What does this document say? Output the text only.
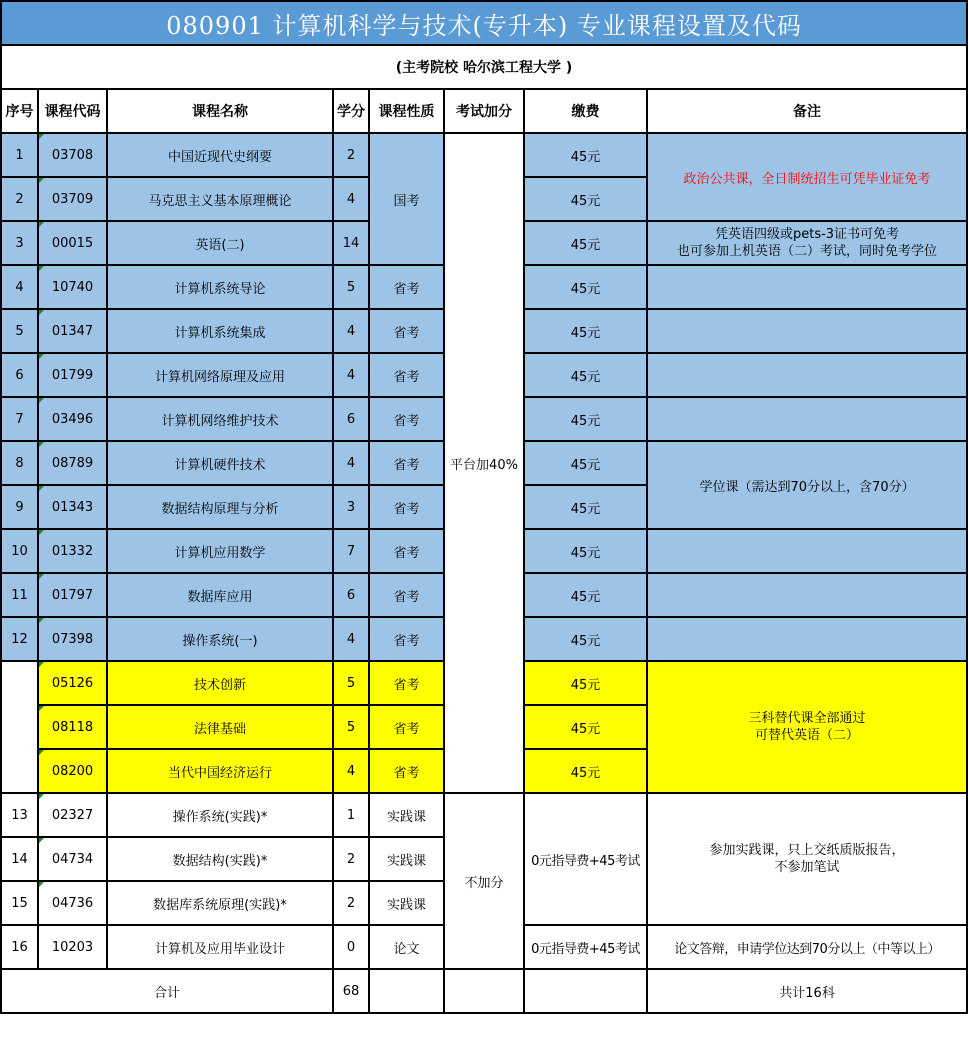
080901 计算机科学与技术(专升本) 专业课程设置及代码							
(主考院校 哈尔滨工程大学 )							
序号	课程代码	课程名称	学分	课程性质	考试加分	缴费	备注
1	03708	中国近现代史纲要	2	国考	平台加40%	45元	政治公共课，全日制统招生可凭毕业证免考
2	03709	马克思主义基本原理概论	4			45元	
3	00015	英语(二)	14			45元	凭英语四级或pets-3证书可免考
也可参加上机英语（二）考试，同时免考学位

4	10740	计算机系统导论	5	省考		45元	
5	01347	计算机系统集成	4	省考		45元	
6	01799	计算机网络原理及应用	4	省考		45元	
7	03496	计算机网络维护技术	6	省考		45元	
8	08789	计算机硬件技术	4	省考		45元	学位课（需达到70分以上，含70分）
9	01343	数据结构原理与分析	3	省考		45元	
10	01332	计算机应用数学	7	省考		45元	
11	01797	数据库应用	6	省考		45元	
12	07398	操作系统(一)	4	省考		45元	
	05126	技术创新	5	省考		45元	三科替代课全部通过
可替代英语（二）

	08118	法律基础	5	省考		45元	
	08200	当代中国经济运行	4	省考		45元	
13	02327	操作系统(实践)*	1	实践课	不加分	0元指导费+45考试	参加实践课，只上交纸质版报告，
不参加笔试

14	04734	数据结构(实践)*	2	实践课			
15	04736	数据库系统原理(实践)*	2	实践课			
16	10203	计算机及应用毕业设计	0	论文		0元指导费+45考试	论文答辩，申请学位达到70分以上（中等以上）
合计			68				共计16科
